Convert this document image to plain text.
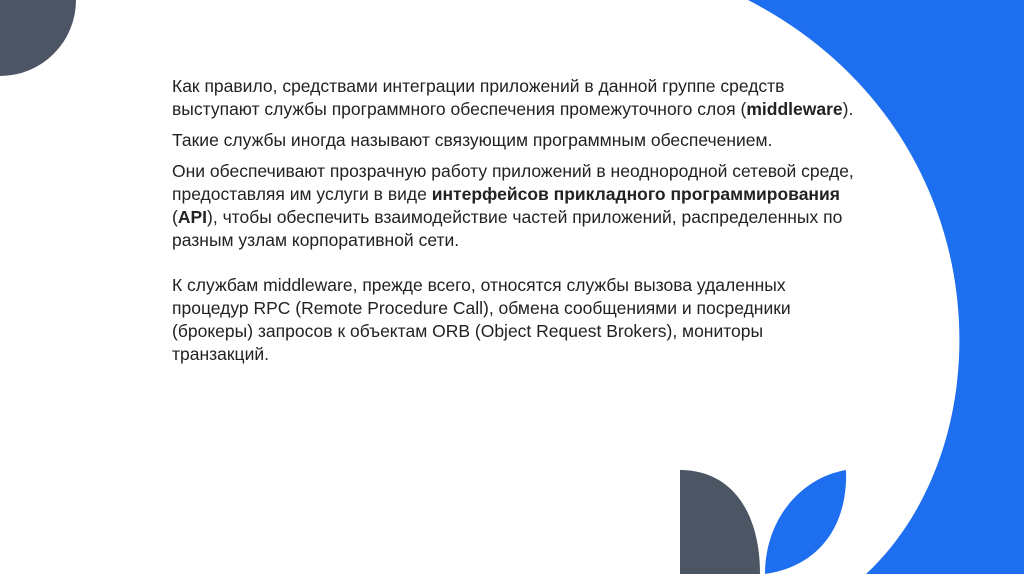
Как правило, средствами интеграции приложений в данной группе средств выступают службы программного обеспечения промежуточного слоя (middleware).

Такие службы иногда называют связующим программным обеспечением.

Они обеспечивают прозрачную работу приложений в неоднородной сетевой среде, предоставляя им услуги в виде интерфейсов прикладного программирования (API), чтобы обеспечить взаимодействие частей приложений, распределенных по разным узлам корпоративной сети.

К службам middleware, прежде всего, относятся службы вызова удаленных процедур RPC (Remote Procedure Call), обмена сообщениями и посредники (брокеры) запросов к объектам ORB (Object Request Brokers), мониторы транзакций.
